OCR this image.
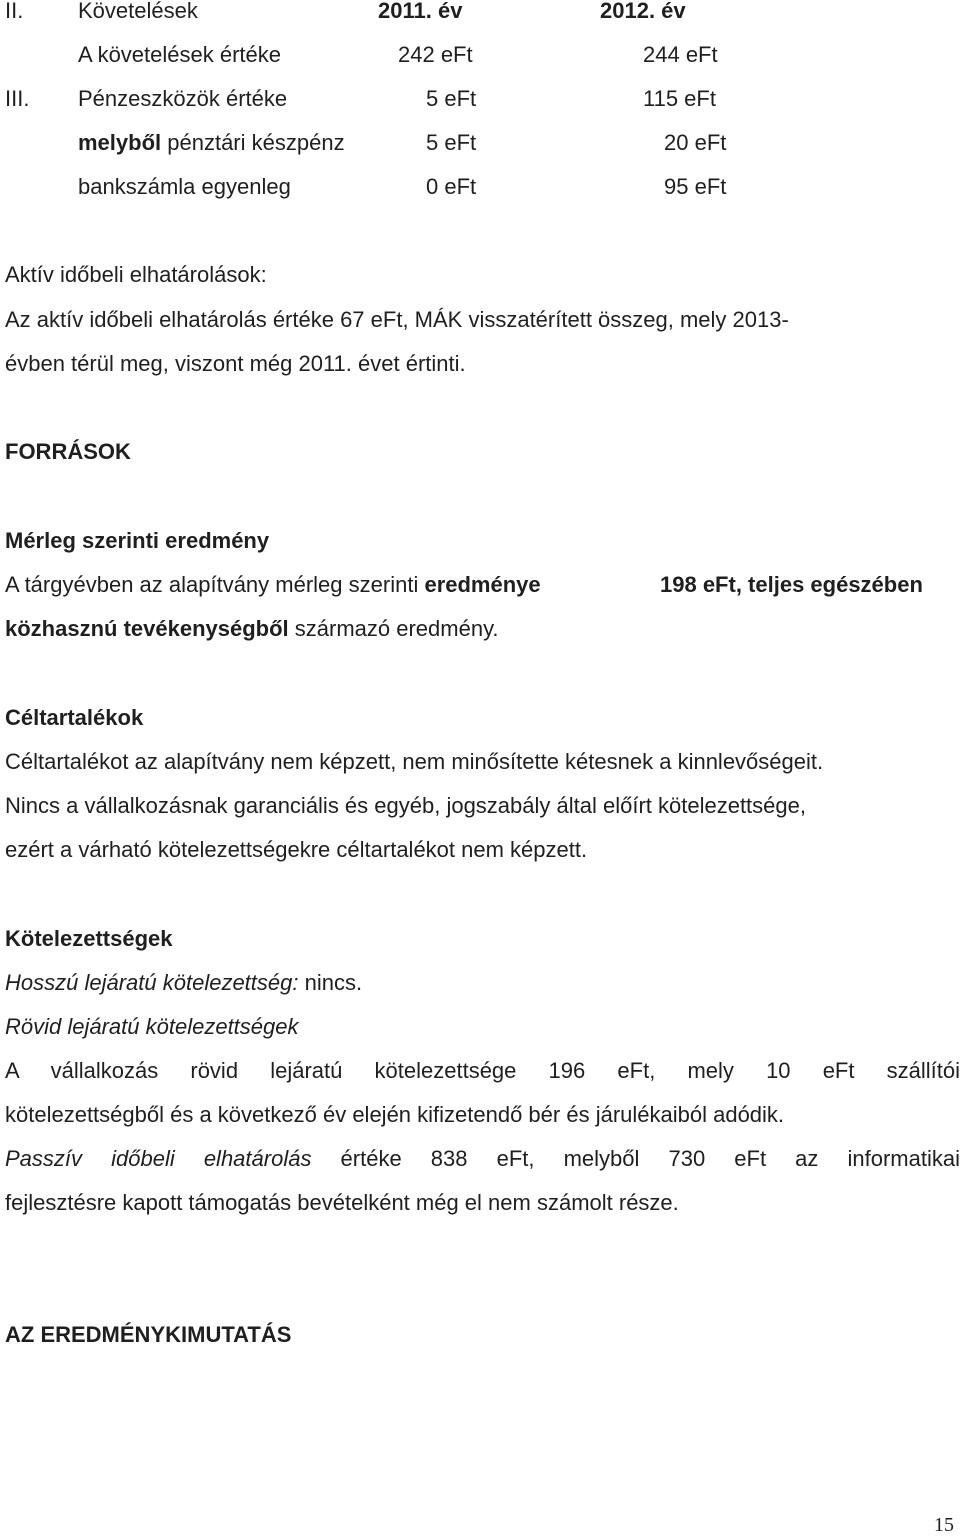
II. Követelések	2011. év	2012. év
A követelések értéke	242 eFt	244 eFt
III. Pénzeszközök értéke	5 eFt	115 eFt
melyből pénztári készpénz	5 eFt	20 eFt
bankszámla egyenleg	0 eFt	95 eFt
Aktív időbeli elhatárolások:
Az aktív időbeli elhatárolás értéke 67 eFt, MÁK visszatérített összeg, mely 2013-
évben térül meg, viszont még 2011. évet értinti.
FORRÁSOK
Mérleg szerinti eredmény
A tárgyévben az alapítvány mérleg szerinti eredménye	198 eFt, teljes egészében
közhasznú tevékenységből származó eredmény.
Céltartalékok
Céltartalékot az alapítvány nem képzett, nem minősítette kétesnek a kinnlevőségeit.
Nincs a vállalkozásnak garanciális és egyéb, jogszabály által előírt kötelezettsége,
ezért a várható kötelezettségekre céltartalékot nem képzett.
Kötelezettségek
Hosszú lejáratú kötelezettség: nincs.
Rövid lejáratú kötelezettségek
A vállalkozás rövid lejáratú kötelezettsége 196 eFt, mely 10 eFt szállítói
kötelezettségből és a következő év elején kifizetendő bér és járulékaiból adódik.
Passzív időbeli elhatárolás értéke 838 eFt, melyből 730 eFt az informatikai
fejlesztésre kapott támogatás bevételként még el nem számolt része.
AZ EREDMÉNYKIMUTATÁS
15
